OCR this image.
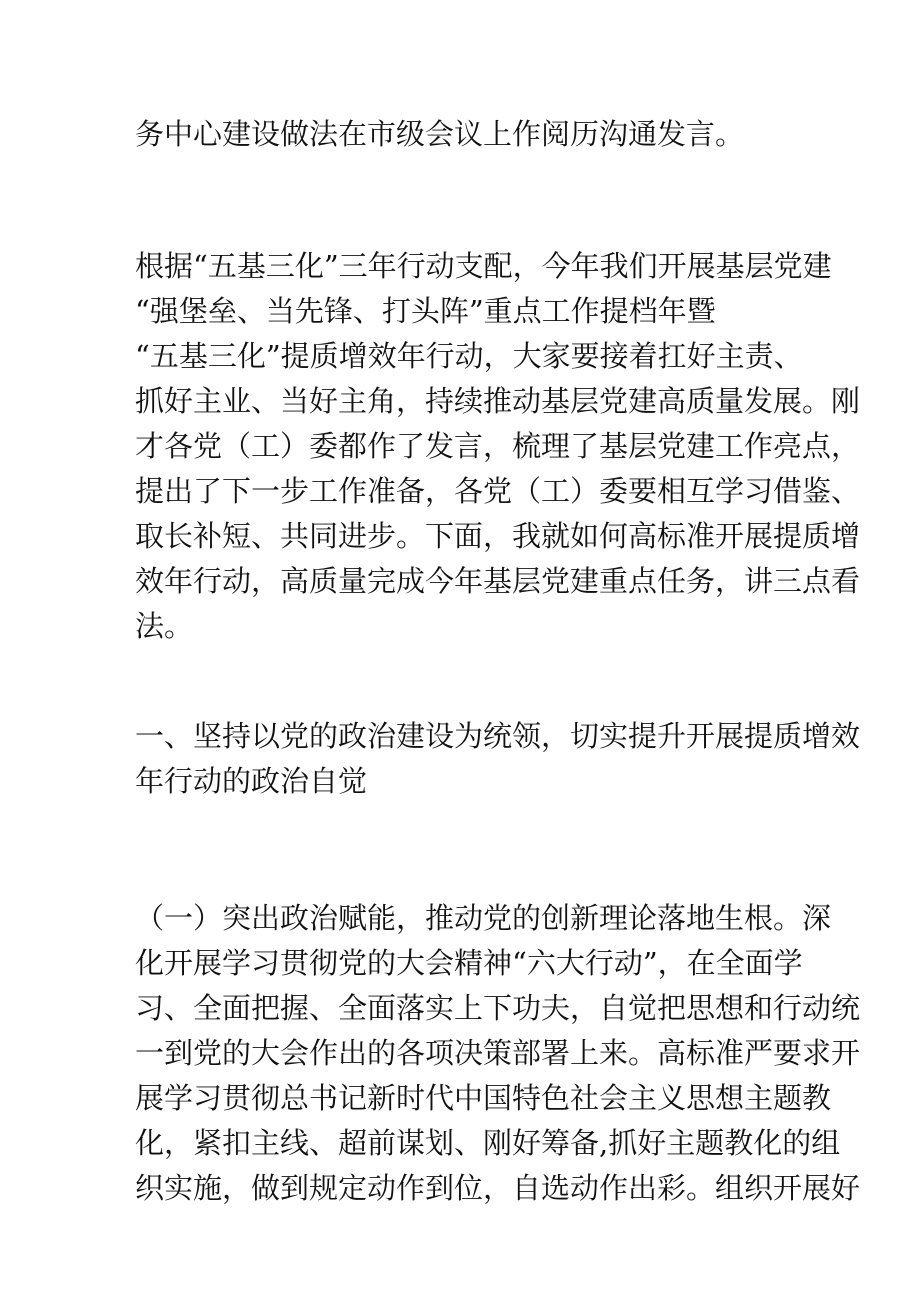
务中心建设做法在市级会议上作阅历沟通发言。
根据“五基三化”三年行动支配，今年我们开展基层党建
“强堡垒、当先锋、打头阵”重点工作提档年暨
“五基三化”提质增效年行动，大家要接着扛好主责、
抓好主业、当好主角，持续推动基层党建高质量发展。刚
才各党（工）委都作了发言，梳理了基层党建工作亮点，
提出了下一步工作准备，各党（工）委要相互学习借鉴、
取长补短、共同进步。下面，我就如何高标准开展提质增
效年行动，高质量完成今年基层党建重点任务，讲三点看
法。
一、坚持以党的政治建设为统领，切实提升开展提质增效
年行动的政治自觉
（一）突出政治赋能，推动党的创新理论落地生根。深
化开展学习贯彻党的大会精神“六大行动”，在全面学
习、全面把握、全面落实上下功夫，自觉把思想和行动统
一到党的大会作出的各项决策部署上来。高标准严要求开
展学习贯彻总书记新时代中国特色社会主义思想主题教
化，紧扣主线、超前谋划、刚好筹备,抓好主题教化的组
织实施，做到规定动作到位，自选动作出彩。组织开展好
